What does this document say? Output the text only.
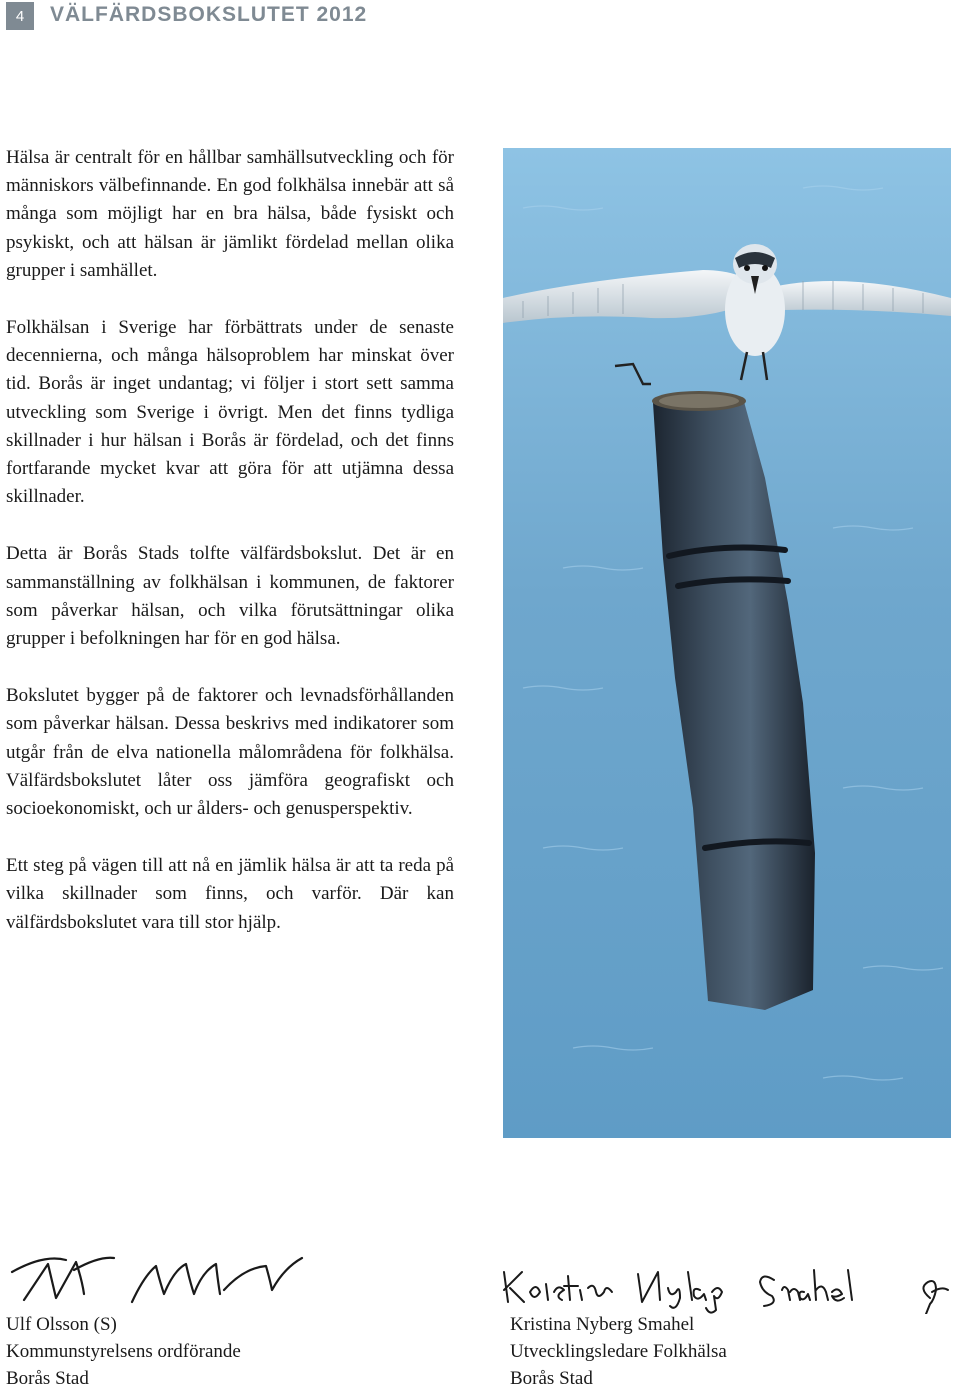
4	VÄLFÄRDSBOKSLUTET 2012

Hälsa är centralt för en hållbar samhällsutveckling och för människors välbefinnande. En god folkhälsa innebär att så många som möjligt har en bra hälsa, både fysiskt och psykiskt, och att hälsan är jämlikt fördelad mellan olika grupper i samhället.

Folkhälsan i Sverige har förbättrats under de senaste decennierna, och många hälsoproblem har minskat över tid. Borås är inget undantag; vi följer i stort sett samma utveckling som Sverige i övrigt. Men det finns tydliga skillnader i hur hälsan i Borås är fördelad, och det finns fortfarande mycket kvar att göra för att utjämna dessa skillnader.

Detta är Borås Stads tolfte välfärdsbokslut. Det är en sammanställning av folkhälsan i kommunen, de faktorer som påverkar hälsan, och vilka förutsättningar olika grupper i befolkningen har för en god hälsa.

Bokslutet bygger på de faktorer och levnadsförhållanden som påverkar hälsan. Dessa beskrivs med indikatorer som utgår från de elva nationella målområdena för folkhälsa. Välfärdsbokslutet låter oss jämföra geografiskt och socioekonomiskt, och ur ålders- och genusperspektiv.

Ett steg på vägen till att nå en jämlik hälsa är att ta reda på vilka skillnader som finns, och varför. Där kan välfärdsbokslutet vara till stor hjälp.

Ulf Olsson (S)
Kommunstyrelsens ordförande
Borås Stad
Kristina Nyberg Smahel
Utvecklingsledare Folkhälsa
Borås Stad
